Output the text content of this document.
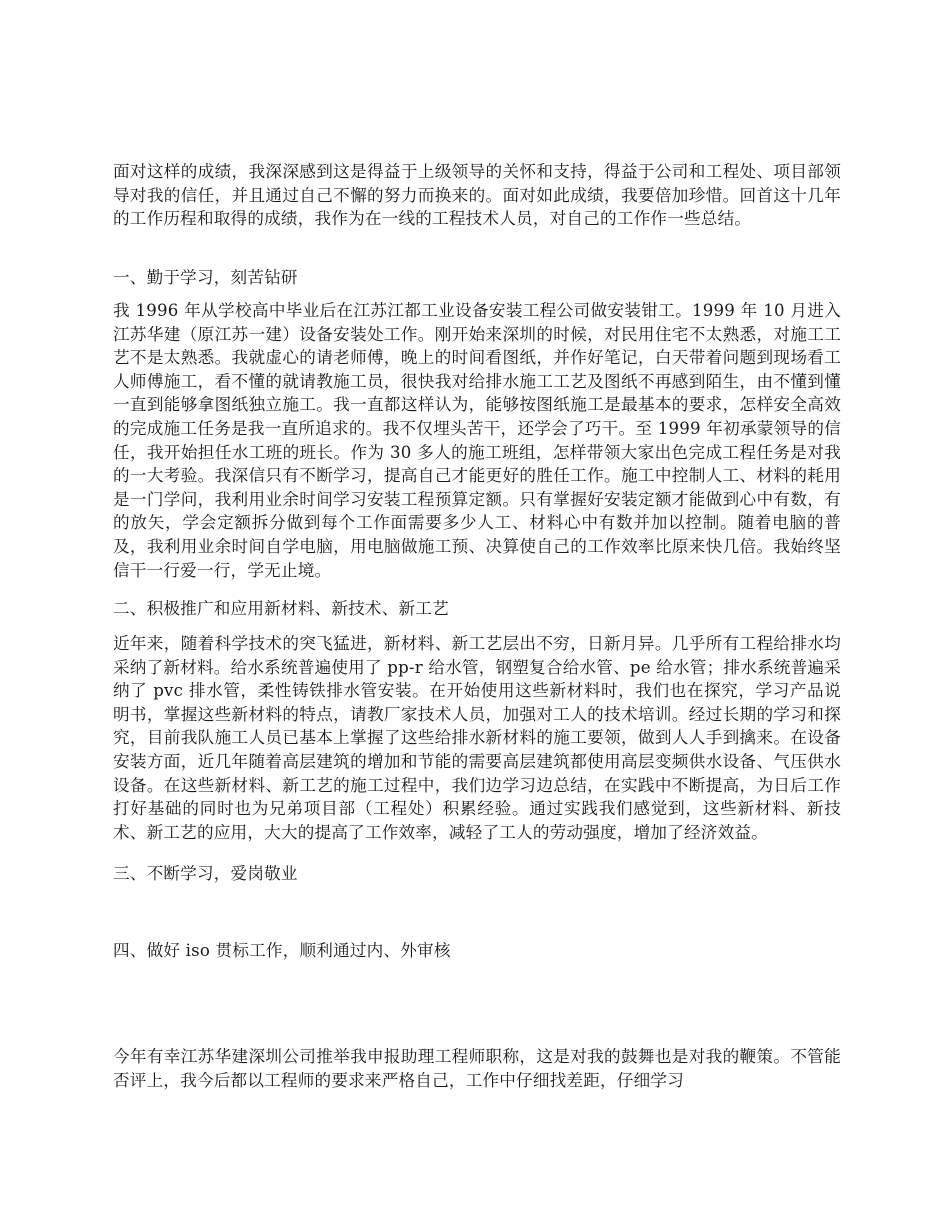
面对这样的成绩，我深深感到这是得益于上级领导的关怀和支持，得益于公司和工程处、项目部领导对我的信任，并且通过自己不懈的努力而换来的。面对如此成绩，我要倍加珍惜。回首这十几年的工作历程和取得的成绩，我作为在一线的工程技术人员，对自己的工作作一些总结。

一、勤于学习，刻苦钻研

我 1996 年从学校高中毕业后在江苏江都工业设备安装工程公司做安装钳工。1999 年 10 月进入江苏华建（原江苏一建）设备安装处工作。刚开始来深圳的时候，对民用住宅不太熟悉，对施工工艺不是太熟悉。我就虚心的请老师傅，晚上的时间看图纸，并作好笔记，白天带着问题到现场看工人师傅施工，看不懂的就请教施工员，很快我对给排水施工工艺及图纸不再感到陌生，由不懂到懂一直到能够拿图纸独立施工。我一直都这样认为，能够按图纸施工是最基本的要求，怎样安全高效的完成施工任务是我一直所追求的。我不仅埋头苦干，还学会了巧干。至 1999 年初承蒙领导的信任，我开始担任水工班的班长。作为 30 多人的施工班组，怎样带领大家出色完成工程任务是对我的一大考验。我深信只有不断学习，提高自己才能更好的胜任工作。施工中控制人工、材料的耗用是一门学问，我利用业余时间学习安装工程预算定额。只有掌握好安装定额才能做到心中有数，有的放矢，学会定额拆分做到每个工作面需要多少人工、材料心中有数并加以控制。随着电脑的普及，我利用业余时间自学电脑，用电脑做施工预、决算使自己的工作效率比原来快几倍。我始终坚信干一行爱一行，学无止境。

二、积极推广和应用新材料、新技术、新工艺

近年来，随着科学技术的突飞猛进，新材料、新工艺层出不穷，日新月异。几乎所有工程给排水均采纳了新材料。给水系统普遍使用了 pp-r 给水管，钢塑复合给水管、pe 给水管；排水系统普遍采纳了 pvc 排水管，柔性铸铁排水管安装。在开始使用这些新材料时，我们也在探究，学习产品说明书，掌握这些新材料的特点，请教厂家技术人员，加强对工人的技术培训。经过长期的学习和探究，目前我队施工人员已基本上掌握了这些给排水新材料的施工要领，做到人人手到擒来。在设备安装方面，近几年随着高层建筑的增加和节能的需要高层建筑都使用高层变频供水设备、气压供水设备。在这些新材料、新工艺的施工过程中，我们边学习边总结，在实践中不断提高，为日后工作打好基础的同时也为兄弟项目部（工程处）积累经验。通过实践我们感觉到，这些新材料、新技术、新工艺的应用，大大的提高了工作效率，减轻了工人的劳动强度，增加了经济效益。

三、不断学习，爱岗敬业

四、做好 iso 贯标工作，顺利通过内、外审核

今年有幸江苏华建深圳公司推举我申报助理工程师职称，这是对我的鼓舞也是对我的鞭策。不管能否评上，我今后都以工程师的要求来严格自己，工作中仔细找差距，仔细学习
